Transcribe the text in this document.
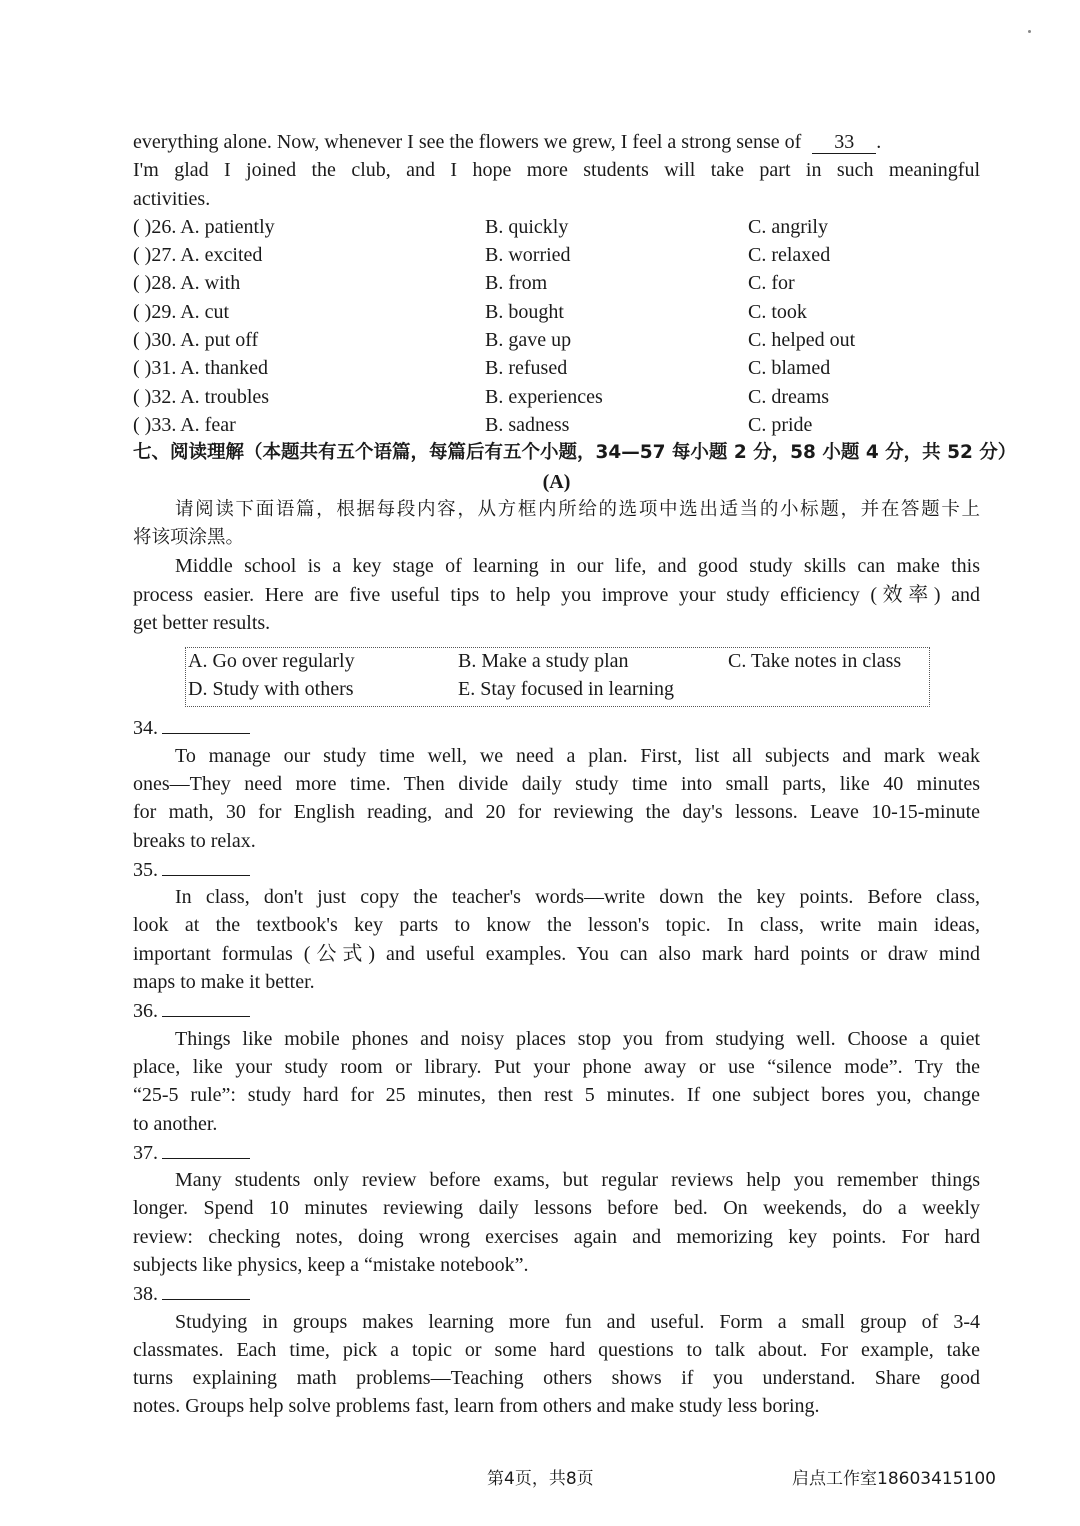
everything alone. Now, whenever I see the flowers we grew, I feel a strong sense of 33 .
I'm glad I joined the club, and I hope more students will take part in such meaningful
activities.
( )26. A. patiently	B. quickly	C. angrily
( )27. A. excited	B. worried	C. relaxed
( )28. A. with	B. from	C. for
( )29. A. cut	B. bought	C. took
( )30. A. put off	B. gave up	C. helped out
( )31. A. thanked	B. refused	C. blamed
( )32. A. troubles	B. experiences	C. dreams
( )33. A. fear	B. sadness	C. pride
七、阅读理解（本题共有五个语篇，每篇后有五个小题，34—57 每小题 2 分，58 小题 4 分，共 52 分）
(A)
请阅读下面语篇，根据每段内容，从方框内所给的选项中选出适当的小标题，并在答题卡上
将该项涂黑。
Middle school is a key stage of learning in our life, and good study skills can make this
process easier. Here are five useful tips to help you improve your study efficiency (效率) and
get better results.
A. Go over regularly	B. Make a study plan	C. Take notes in class
D. Study with others	E. Stay focused in learning
34.
To manage our study time well, we need a plan. First, list all subjects and mark weak
ones—They need more time. Then divide daily study time into small parts, like 40 minutes
for math, 30 for English reading, and 20 for reviewing the day's lessons. Leave 10-15-minute
breaks to relax.
35.
In class, don't just copy the teacher's words—write down the key points. Before class,
look at the textbook's key parts to know the lesson's topic. In class, write main ideas,
important formulas (公式) and useful examples. You can also mark hard points or draw mind
maps to make it better.
36.
Things like mobile phones and noisy places stop you from studying well. Choose a quiet
place, like your study room or library. Put your phone away or use “silence mode”. Try the
“25-5 rule”: study hard for 25 minutes, then rest 5 minutes. If one subject bores you, change
to another.
37.
Many students only review before exams, but regular reviews help you remember things
longer. Spend 10 minutes reviewing daily lessons before bed. On weekends, do a weekly
review: checking notes, doing wrong exercises again and memorizing key points. For hard
subjects like physics, keep a “mistake notebook”.
38.
Studying in groups makes learning more fun and useful. Form a small group of 3-4
classmates. Each time, pick a topic or some hard questions to talk about. For example, take
turns explaining math problems—Teaching others shows if you understand. Share good
notes. Groups help solve problems fast, learn from others and make study less boring.
第4页，共8页	启点工作室18603415100
